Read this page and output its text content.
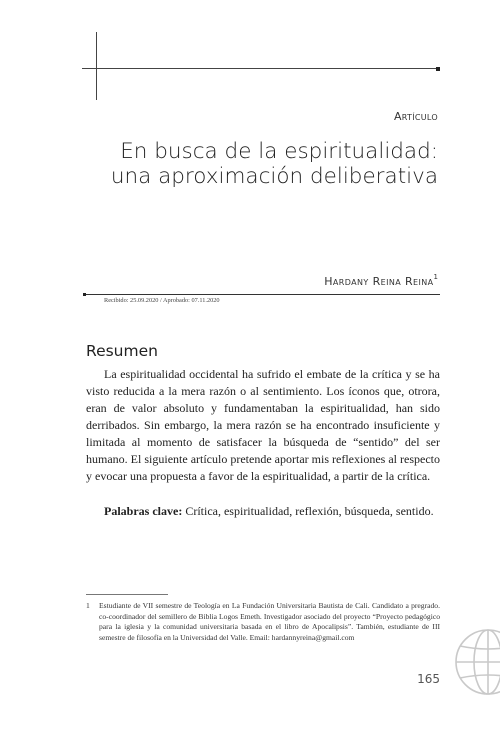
Artículo
En busca de la espiritualidad:
una aproximación deliberativa
Hardany Reina Reina$^1$
Recibido: 25.09.2020 / Aprobado: 07.11.2020
Resumen

La espiritualidad occidental ha sufrido el embate de la crítica y se ha visto reducida a la mera razón o al sentimiento. Los íconos que, otrora, eran de valor absoluto y fundamentaban la espiritualidad, han sido derribados. Sin embargo, la mera razón se ha encontrado insuficiente y limitada al momento de satisfacer la búsqueda de “sentido” del ser humano. El siguiente artículo pretende aportar mis reflexiones al respecto y evocar una propuesta a favor de la espiritualidad, a partir de la crítica.

Palabras clave: Crítica, espiritualidad, reflexión, búsqueda, sentido.

1	Estudiante de VII semestre de Teología en La Fundación Universitaria Bautista de Cali. Candidato a pregrado. co-coordinador del semillero de Biblia Logos Emeth. Investigador asociado del proyecto “Proyecto pedagógico para la iglesia y la comunidad universitaria basada en el libro de Apocalipsis”. También, estudiante de III semestre de filosofía en la Universidad del Valle. Email: hardannyreina@gmail.com
165
